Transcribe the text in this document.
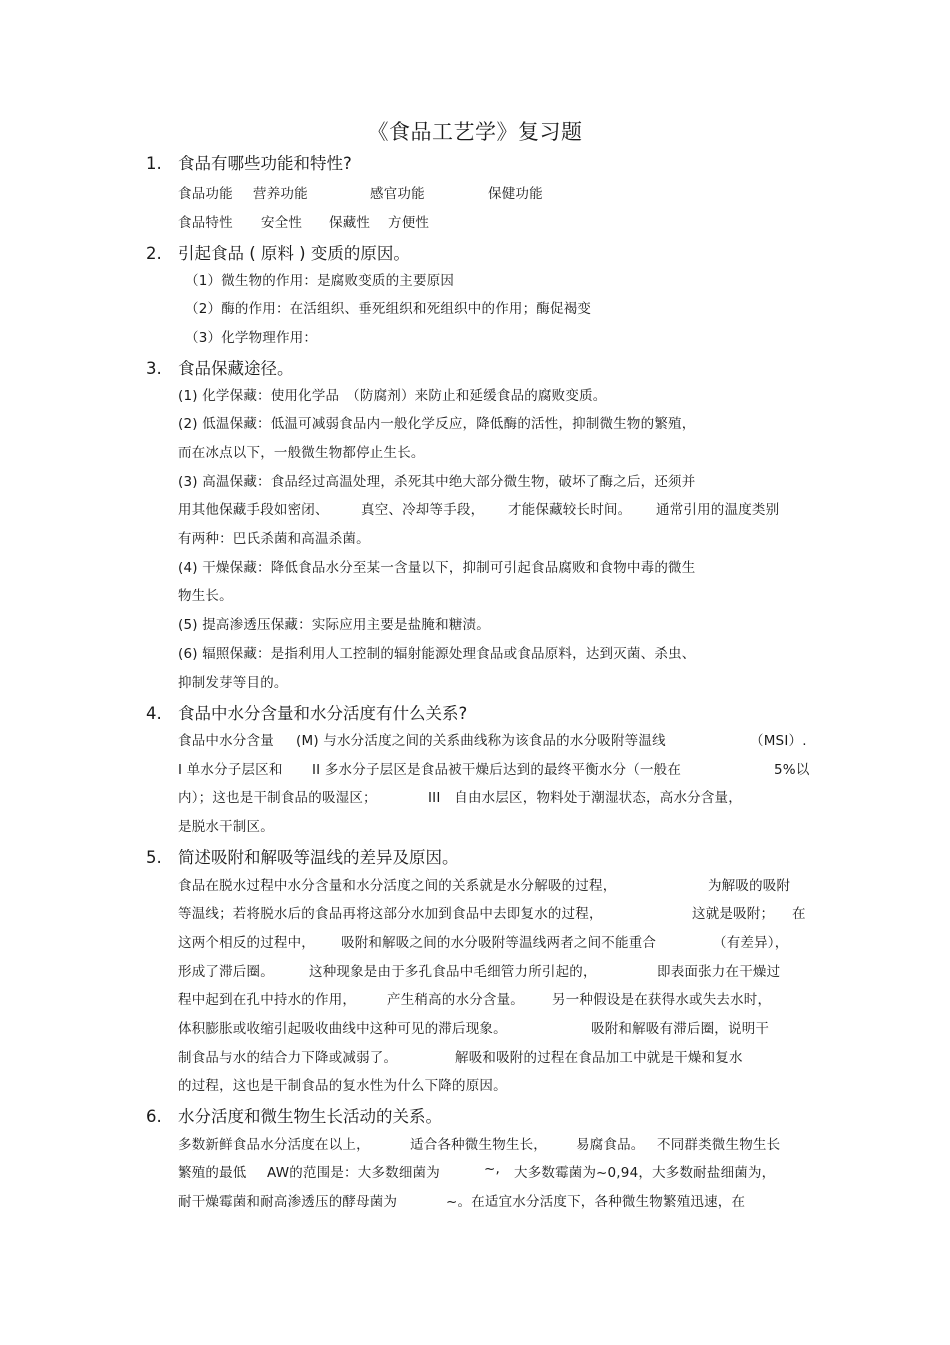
《食品工艺学》复习题
1. 食品有哪些功能和特性?
食品功能 营养功能	感官功能	保健功能
食品特性 安全性 保藏性 方便性
2. 引起食品 ( 原料 ) 变质的原因。
（1）微生物的作用：是腐败变质的主要原因
（2）酶的作用：在活组织、垂死组织和死组织中的作用；酶促褐变
（3）化学物理作用：
3. 食品保藏途径。
(1) 化学保藏：使用化学品　（防腐剂）来防止和延缓食品的腐败变质。
(2) 低温保藏：低温可减弱食品内一般化学反应，降低酶的活性，抑制微生物的繁殖，
而在冰点以下，一般微生物都停止生长。
(3) 高温保藏：食品经过高温处理，杀死其中绝大部分微生物，破坏了酶之后，还须并
用其他保藏手段如密闭、 真空、冷却等手段， 才能保藏较长时间。 通常引用的温度类别
有两种：巴氏杀菌和高温杀菌。
(4) 干燥保藏：降低食品水分至某一含量以下，抑制可引起食品腐败和食物中毒的微生
物生长。
(5) 提高渗透压保藏：实际应用主要是盐腌和糖渍。
(6) 辐照保藏：是指利用人工控制的辐射能源处理食品或食品原料，达到灭菌、杀虫、
抑制发芽等目的。
4. 食品中水分含量和水分活度有什么关系?
食品中水分含量 (M) 与水分活度之间的关系曲线称为该食品的水分吸附等温线	（MSI）.
I 单水分子层区和 II 多水分子层区是食品被干燥后达到的最终平衡水分（一般在	5%以
内）；这也是干制食品的吸湿区；	III　自由水层区，物料处于潮湿状态，高水分含量，
是脱水干制区。
5. 简述吸附和解吸等温线的差异及原因。
食品在脱水过程中水分含量和水分活度之间的关系就是水分解吸的过程，	为解吸的吸附
等温线；若将脱水后的食品再将这部分水加到食品中去即复水的过程，	这就是吸附； 在
这两个相反的过程中， 吸附和解吸之间的水分吸附等温线两者之间不能重合	（有差异），
形成了滞后圈。	这种现象是由于多孔食品中毛细管力所引起的，	即表面张力在干燥过
程中起到在孔中持水的作用， 产生稍高的水分含量。 另一种假设是在获得水或失去水时，
体积膨胀或收缩引起吸收曲线中这种可见的滞后现象。	吸附和解吸有滞后圈，说明干
制食品与水的结合力下降或减弱了。	解吸和吸附的过程在食品加工中就是干燥和复水
的过程，这也是干制食品的复水性为什么下降的原因。
6. 水分活度和微生物生长活动的关系。
多数新鲜食品水分活度在以上，	适合各种微生物生长， 易腐食品。 不同群类微生物生长
繁殖的最低 AW的范围是：大多数细菌为	~, 大多数霉菌为 ~0,94，大多数耐盐细菌为，
耐干燥霉菌和耐高渗透压的酵母菌为	~。在适宜水分活度下，各种微生物繁殖迅速，在
